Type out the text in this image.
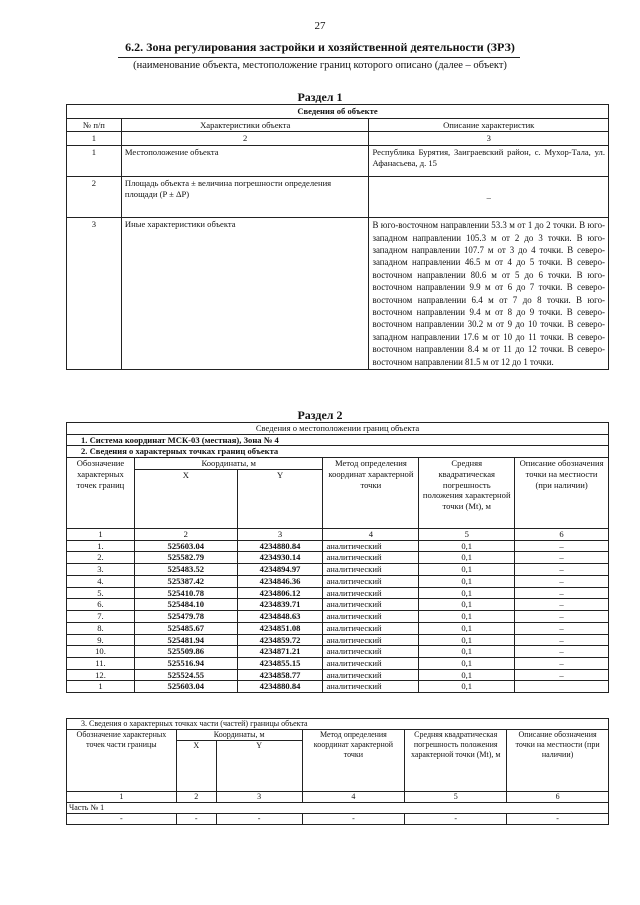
27
6.2. Зона регулирования застройки и хозяйственной деятельности (ЗРЗ)
(наименование объекта, местоположение границ которого описано (далее – объект)
Раздел 1
Сведения об объекте		
№ п/п	Характеристики объекта	Описание характеристик
1	2	3
1	Местоположение объекта	Республика Бурятия, Заиграевский район, с. Мухор-Тала, ул. Афанасьева, д. 15
2	Площадь объекта ± величина погрешности определения площади (P ± ΔP)	–
3	Иные характеристики объекта	В юго-восточном направлении 53.3 м от 1 до 2 точки. В юго-западном направлении 105.3 м от 2 до 3 точки. В юго-западном направлении 107.7 м от 3 до 4 точки. В северо-западном направлении 46.5 м от 4 до 5 точки. В северо-восточном направлении 80.6 м от 5 до 6 точки. В юго-восточном направлении 9.9 м от 6 до 7 точки. В северо-восточном направлении 6.4 м от 7 до 8 точки. В юго-восточном направлении 9.4 м от 8 до 9 точки. В северо-восточном направлении 30.2 м от 9 до 10 точки. В северо-западном направлении 17.6 м от 10 до 11 точки. В северо-восточном направлении 8.4 м от 11 до 12 точки. В северо-восточном направлении 81.5 м от 12 до 1 точки.
Раздел 2
Сведения о местоположении границ объекта					
1. Система координат МСК-03 (местная), Зона № 4					
2. Сведения о характерных точках границ объекта					
Обозначение характерных точек границ	Координаты, м		Метод определения координат характерной точки	Средняя квадратическая погрешность положения характерной точки (Mt), м	Описание обозначения точки на местности (при наличии)
	X	Y			
1	2	3	4	5	6
1.	525603.04	4234880.84	аналитический	0,1	–
2.	525582.79	4234930.14	аналитический	0,1	–
3.	525483.52	4234894.97	аналитический	0,1	–
4.	525387.42	4234846.36	аналитический	0,1	–
5.	525410.78	4234806.12	аналитический	0,1	–
6.	525484.10	4234839.71	аналитический	0,1	–
7.	525479.78	4234848.63	аналитический	0,1	–
8.	525485.67	4234851.08	аналитический	0,1	–
9.	525481.94	4234859.72	аналитический	0,1	–
10.	525509.86	4234871.21	аналитический	0,1	–
11.	525516.94	4234855.15	аналитический	0,1	–
12.	525524.55	4234858.77	аналитический	0,1	–
1	525603.04	4234880.84	аналитический	0,1	
3. Сведения о характерных точках части (частей) границы объекта					
Обозначение характерных точек части границы	Координаты, м		Метод определения координат характерной точки	Средняя квадратическая погрешность положения характерной точки (Mt), м	Описание обозначения точки на местности (при наличии)
	X	Y			
1	2	3	4	5	6
Часть № 1					
-	-	-	-	-	-
